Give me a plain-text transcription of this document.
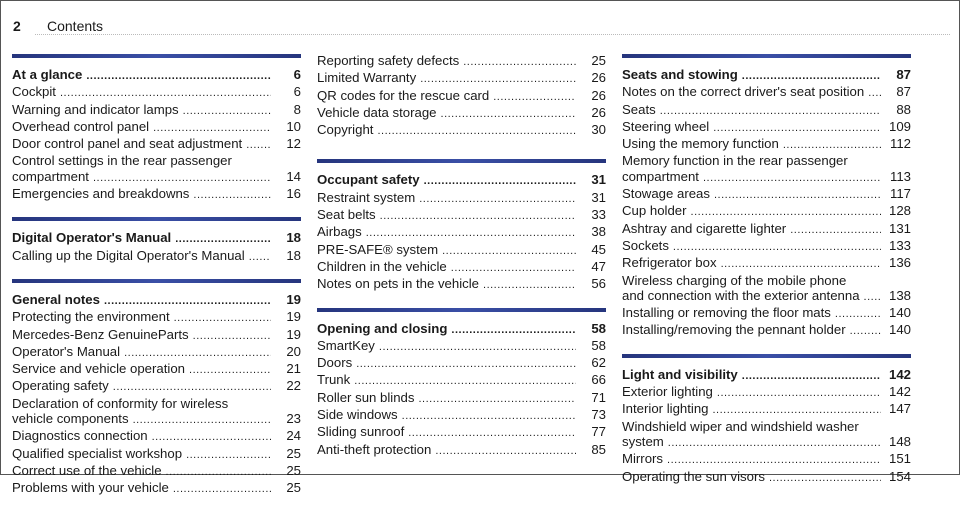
2 Contents
At a glance .....	6
Cockpit .....	6
Warning and indicator lamps .....	8
Overhead control panel .....	10
Door control panel and seat adjustment .....	12
Control settings in the rear passenger
compartment .....	14
Emergencies and breakdowns .....	16
Digital Operator's Manual .....	18
Calling up the Digital Operator's Manual .....	18
General notes .....	19
Protecting the environment .....	19
Mercedes-Benz GenuineParts .....	19
Operator's Manual .....	20
Service and vehicle operation .....	21
Operating safety .....	22
Declaration of conformity for wireless
vehicle components .....	23
Diagnostics connection .....	24
Qualified specialist workshop .....	25
Correct use of the vehicle .....	25
Problems with your vehicle .....	25
Reporting safety defects .....	25
Limited Warranty .....	26
QR codes for the rescue card .....	26
Vehicle data storage .....	26
Copyright .....	30
Occupant safety .....	31
Restraint system .....	31
Seat belts .....	33
Airbags .....	38
PRE-SAFE® system .....	45
Children in the vehicle .....	47
Notes on pets in the vehicle .....	56
Opening and closing .....	58
SmartKey .....	58
Doors .....	62
Trunk .....	66
Roller sun blinds .....	71
Side windows .....	73
Sliding sunroof .....	77
Anti-theft protection .....	85
Seats and stowing .....	87
Notes on the correct driver's seat position .....	87
Seats .....	88
Steering wheel .....	109
Using the memory function .....	112
Memory function in the rear passenger
compartment .....	113
Stowage areas .....	117
Cup holder .....	128
Ashtray and cigarette lighter .....	131
Sockets .....	133
Refrigerator box .....	136
Wireless charging of the mobile phone
and connection with the exterior antenna .....	138
Installing or removing the floor mats .....	140
Installing/removing the pennant holder .....	140
Light and visibility .....	142
Exterior lighting .....	142
Interior lighting .....	147
Windshield wiper and windshield washer
system .....	148
Mirrors .....	151
Operating the sun visors .....	154
